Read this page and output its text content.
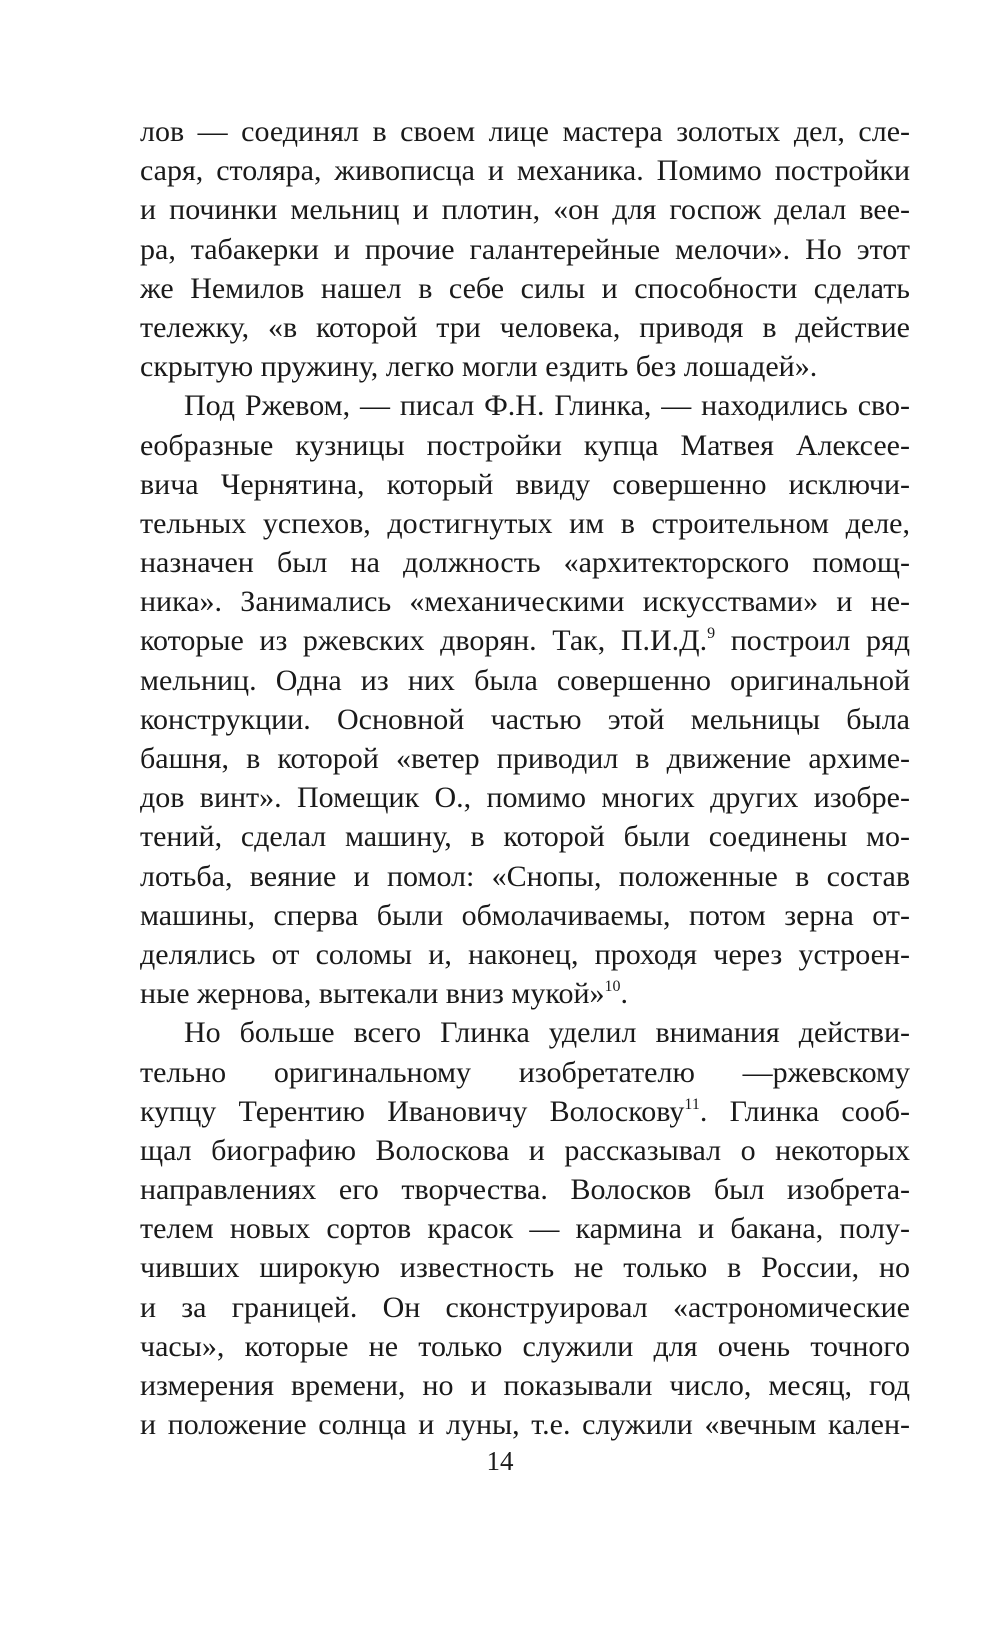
лов — соединял в своем лице мастера золотых дел, сле-
саря, столяра, живописца и механика. Помимо постройки
и починки мельниц и плотин, «он для госпож делал вее-
ра, табакерки и прочие галантерейные мелочи». Но этот
же Немилов нашел в себе силы и способности сделать
тележку, «в которой три человека, приводя в действие
скрытую пружину, легко могли ездить без лошадей».
Под Ржевом, — писал Ф.Н. Глинка, — находились сво-
еобразные кузницы постройки купца Матвея Алексее-
вича Чернятина, который ввиду совершенно исключи-
тельных успехов, достигнутых им в строительном деле,
назначен был на должность «архитекторского помощ-
ника». Занимались «механическими искусствами» и не-
которые из ржевских дворян. Так, П.И.Д.$^9$ построил ряд
мельниц. Одна из них была совершенно оригинальной
конструкции. Основной частью этой мельницы была
башня, в которой «ветер приводил в движение архиме-
дов винт». Помещик О., помимо многих других изобре-
тений, сделал машину, в которой были соединены мо-
лотьба, веяние и помол: «Снопы, положенные в состав
машины, сперва были обмолачиваемы, потом зерна от-
делялись от соломы и, наконец, проходя через устроен-
ные жернова, вытекали вниз мукой»$^{10}$.
Но больше всего Глинка уделил внимания действи-
тельно оригинальному изобретателю —ржевскому
купцу Терентию Ивановичу Волоскову$^{11}$. Глинка сооб-
щал биографию Волоскова и рассказывал о некоторых
направлениях его творчества. Волосков был изобрета-
телем новых сортов красок — кармина и бакана, полу-
чивших широкую известность не только в России, но
и за границей. Он сконструировал «астрономические
часы», которые не только служили для очень точного
измерения времени, но и показывали число, месяц, год
и положение солнца и луны, т.е. служили «вечным кален-
14
